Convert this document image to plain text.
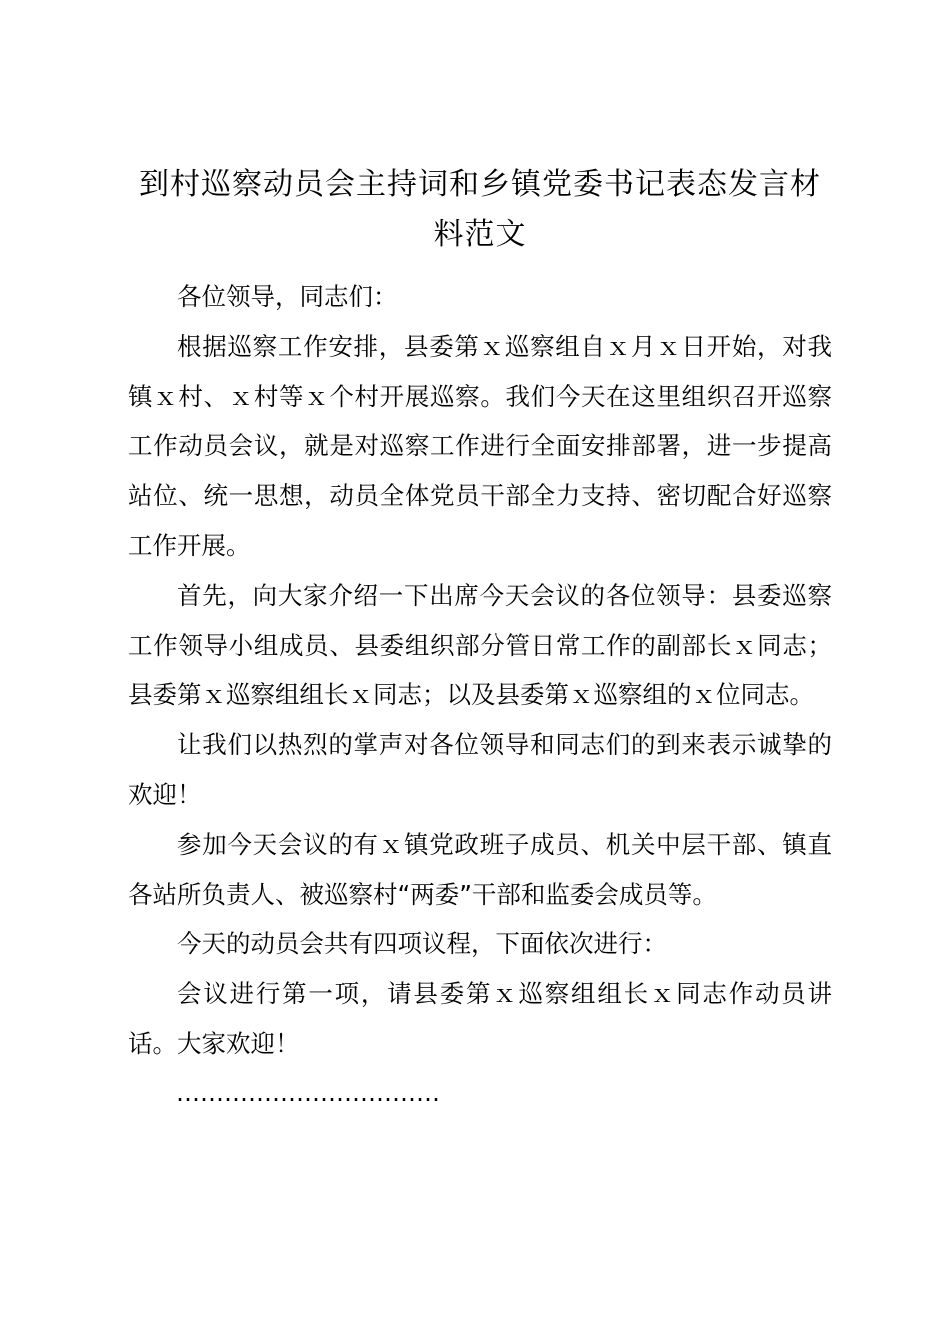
到村巡察动员会主持词和乡镇党委书记表态发言材料范文

各位领导，同志们：

根据巡察工作安排，县委第ｘ巡察组自ｘ月ｘ日开始，对我镇ｘ村、ｘ村等ｘ个村开展巡察。我们今天在这里组织召开巡察工作动员会议，就是对巡察工作进行全面安排部署，进一步提高站位、统一思想，动员全体党员干部全力支持、密切配合好巡察工作开展。

首先，向大家介绍一下出席今天会议的各位领导：县委巡察工作领导小组成员、县委组织部分管日常工作的副部长ｘ同志；县委第ｘ巡察组组长ｘ同志；以及县委第ｘ巡察组的ｘ位同志。

让我们以热烈的掌声对各位领导和同志们的到来表示诚挚的欢迎！

参加今天会议的有ｘ镇党政班子成员、机关中层干部、镇直各站所负责人、被巡察村“两委”干部和监委会成员等。

今天的动员会共有四项议程，下面依次进行：

会议进行第一项，请县委第ｘ巡察组组长ｘ同志作动员讲话。大家欢迎！

……………………………
